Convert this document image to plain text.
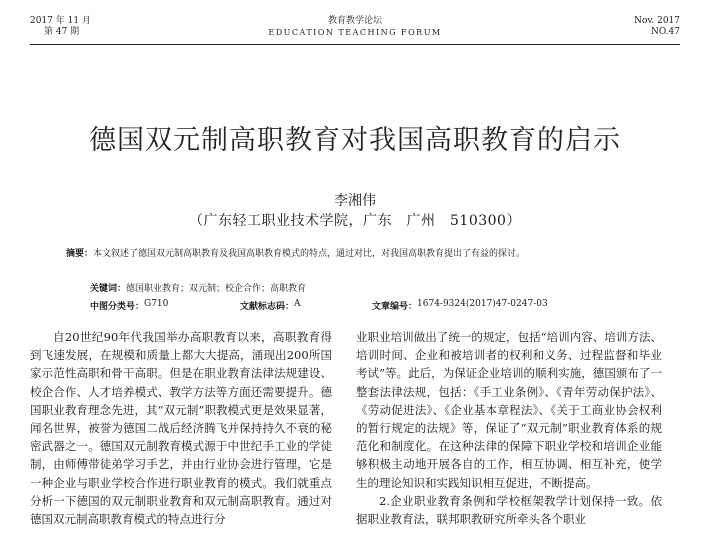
2017 年 11 月
第 47 期
教育教学论坛
EDUCATION TEACHING FORUM
Nov. 2017
NO.47
德国双元制高职教育对我国高职教育的启示
李湘伟
（广东轻工职业技术学院，广东　广州　510300）
摘要：本文叙述了德国双元制高职教育及我国高职教育模式的特点，通过对比，对我国高职教育提出了有益的探讨。
关键词：德国职业教育；双元制；校企合作；高职教育
中图分类号： G710	文献标志码： A	文章编号： 1674-9324(2017)47-0247-03

自20世纪90年代我国举办高职教育以来，高职教育得到飞速发展，在规模和质量上都大大提高，涌现出200所国家示范性高职和骨干高职。但是在职业教育法律法规建设、校企合作、人才培养模式、教学方法等方面还需要提升。德国职业教育理念先进，其“双元制”职教模式更是效果显著，闻名世界，被誉为德国二战后经济腾飞并保持持久不衰的秘密武器之一。德国双元制教育模式源于中世纪手工业的学徒制，由师傅带徒弟学习手艺，并由行业协会进行管理，它是一种企业与职业学校合作进行职业教育的模式。我们就重点分析一下德国的双元制职业教育和双元制高职教育。通过对德国双元制高职教育模式的特点进行分

业职业培训做出了统一的规定，包括“培训内容、培训方法、培训时间、企业和被培训者的权利和义务、过程监督和毕业考试”等。此后，为保证企业培训的顺利实施，德国颁布了一整套法律法规，包括：《手工业条例》、《青年劳动保护法》、《劳动促进法》、《企业基本章程法》、《关于工商业协会权利的暂行规定的法规》等，保证了“双元制”职业教育体系的规范化和制度化。在这种法律的保障下职业学校和培训企业能够积极主动地开展各自的工作，相互协调、相互补充，使学生的理论知识和实践知识相互促进，不断提高。

2.企业职业教育条例和学校框架教学计划保持一致。依据职业教育法，联邦职教研究所牵头各个职业
